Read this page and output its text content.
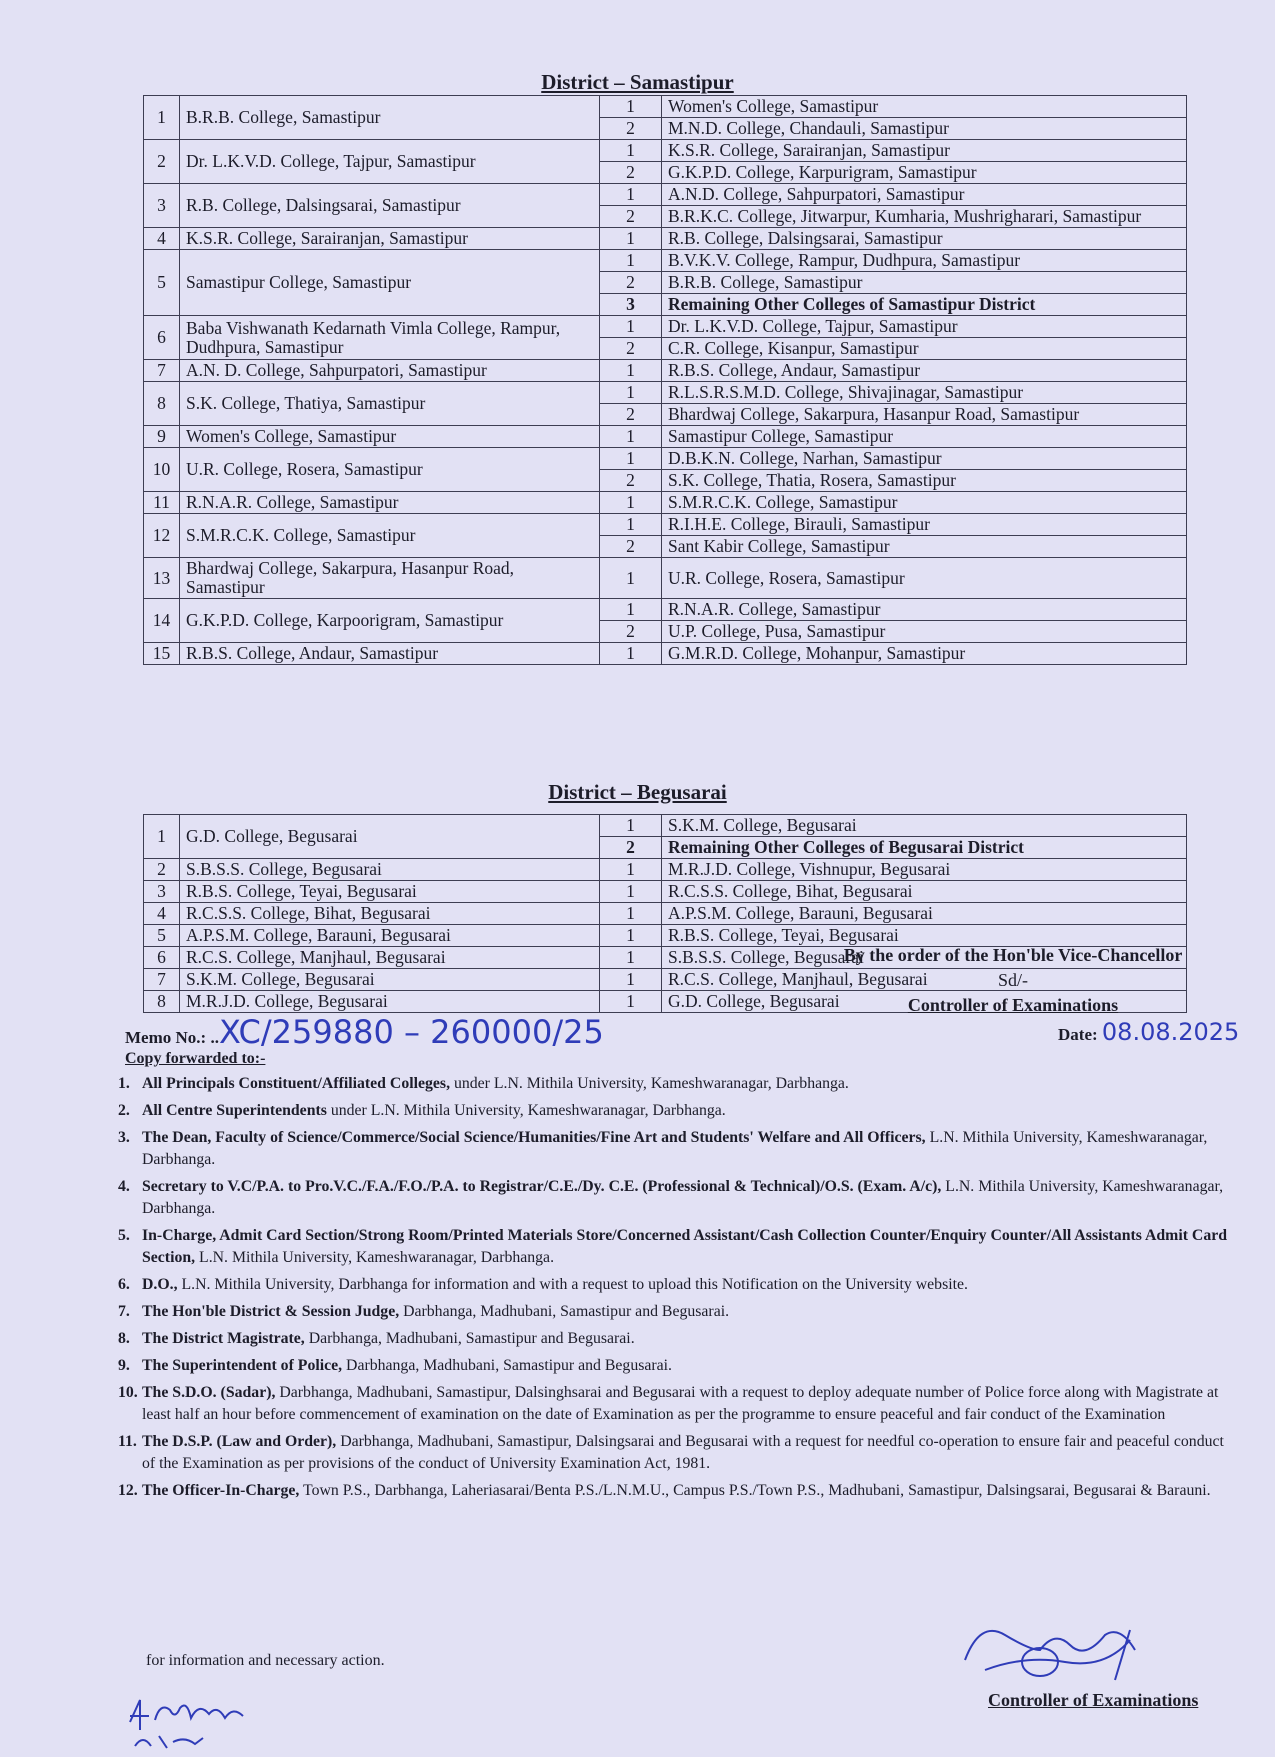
District – Samastipur
1	B.R.B. College, Samastipur	1	Women's College, Samastipur
		2	M.N.D. College, Chandauli, Samastipur
2	Dr. L.K.V.D. College, Tajpur, Samastipur	1	K.S.R. College, Sarairanjan, Samastipur
		2	G.K.P.D. College, Karpurigram, Samastipur
3	R.B. College, Dalsingsarai, Samastipur	1	A.N.D. College, Sahpurpatori, Samastipur
		2	B.R.K.C. College, Jitwarpur, Kumharia, Mushrigharari, Samastipur
4	K.S.R. College, Sarairanjan, Samastipur	1	R.B. College, Dalsingsarai, Samastipur
5	Samastipur College, Samastipur	1	B.V.K.V. College, Rampur, Dudhpura, Samastipur
		2	B.R.B. College, Samastipur
		3	Remaining Other Colleges of Samastipur District
6	Baba Vishwanath Kedarnath Vimla College, Rampur, Dudhpura, Samastipur	1	Dr. L.K.V.D. College, Tajpur, Samastipur
		2	C.R. College, Kisanpur, Samastipur
7	A.N. D. College, Sahpurpatori, Samastipur	1	R.B.S. College, Andaur, Samastipur
8	S.K. College, Thatiya, Samastipur	1	R.L.S.R.S.M.D. College, Shivajinagar, Samastipur
		2	Bhardwaj College, Sakarpura, Hasanpur Road, Samastipur
9	Women's College, Samastipur	1	Samastipur College, Samastipur
10	U.R. College, Rosera, Samastipur	1	D.B.K.N. College, Narhan, Samastipur
		2	S.K. College, Thatia, Rosera, Samastipur
11	R.N.A.R. College, Samastipur	1	S.M.R.C.K. College, Samastipur
12	S.M.R.C.K. College, Samastipur	1	R.I.H.E. College, Birauli, Samastipur
		2	Sant Kabir College, Samastipur
13	Bhardwaj College, Sakarpura, Hasanpur Road, Samastipur	1	U.R. College, Rosera, Samastipur
14	G.K.P.D. College, Karpoorigram, Samastipur	1	R.N.A.R. College, Samastipur
		2	U.P. College, Pusa, Samastipur
15	R.B.S. College, Andaur, Samastipur	1	G.M.R.D. College, Mohanpur, Samastipur
District – Begusarai
1	G.D. College, Begusarai	1	S.K.M. College, Begusarai
		2	Remaining Other Colleges of Begusarai District
2	S.B.S.S. College, Begusarai	1	M.R.J.D. College, Vishnupur, Begusarai
3	R.B.S. College, Teyai, Begusarai	1	R.C.S.S. College, Bihat, Begusarai
4	R.C.S.S. College, Bihat, Begusarai	1	A.P.S.M. College, Barauni, Begusarai
5	A.P.S.M. College, Barauni, Begusarai	1	R.B.S. College, Teyai, Begusarai
6	R.C.S. College, Manjhaul, Begusarai	1	S.B.S.S. College, Begusarai
7	S.K.M. College, Begusarai	1	R.C.S. College, Manjhaul, Begusarai
8	M.R.J.D. College, Begusarai	1	G.D. College, Begusarai
By the order of the Hon'ble Vice-Chancellor
Sd/-
Controller of Examinations
Memo No.: ..XC/259880 – 260000/25	Date: 08.08.2025
Copy forwarded to:-
1. All Principals Constituent/Affiliated Colleges, under L.N. Mithila University, Kameshwaranagar, Darbhanga.
2. All Centre Superintendents under L.N. Mithila University, Kameshwaranagar, Darbhanga.
3. The Dean, Faculty of Science/Commerce/Social Science/Humanities/Fine Art and Students' Welfare and All Officers, L.N. Mithila University, Kameshwaranagar, Darbhanga.
4. Secretary to V.C/P.A. to Pro.V.C./F.A./F.O./P.A. to Registrar/C.E./Dy. C.E. (Professional & Technical)/O.S. (Exam. A/c), L.N. Mithila University, Kameshwaranagar, Darbhanga.
5. In-Charge, Admit Card Section/Strong Room/Printed Materials Store/Concerned Assistant/Cash Collection Counter/Enquiry Counter/All Assistants Admit Card Section, L.N. Mithila University, Kameshwaranagar, Darbhanga.
6. D.O., L.N. Mithila University, Darbhanga for information and with a request to upload this Notification on the University website.
7. The Hon'ble District & Session Judge, Darbhanga, Madhubani, Samastipur and Begusarai.
8. The District Magistrate, Darbhanga, Madhubani, Samastipur and Begusarai.
9. The Superintendent of Police, Darbhanga, Madhubani, Samastipur and Begusarai.
10. The S.D.O. (Sadar), Darbhanga, Madhubani, Samastipur, Dalsinghsarai and Begusarai with a request to deploy adequate number of Police force along with Magistrate at least half an hour before commencement of examination on the date of Examination as per the programme to ensure peaceful and fair conduct of the Examination
11. The D.S.P. (Law and Order), Darbhanga, Madhubani, Samastipur, Dalsingsarai and Begusarai with a request for needful co-operation to ensure fair and peaceful conduct of the Examination as per provisions of the conduct of University Examination Act, 1981.
12. The Officer-In-Charge, Town P.S., Darbhanga, Laheriasarai/Benta P.S./L.N.M.U., Campus P.S./Town P.S., Madhubani, Samastipur, Dalsingsarai, Begusarai & Barauni.
for information and necessary action.
Controller of Examinations
